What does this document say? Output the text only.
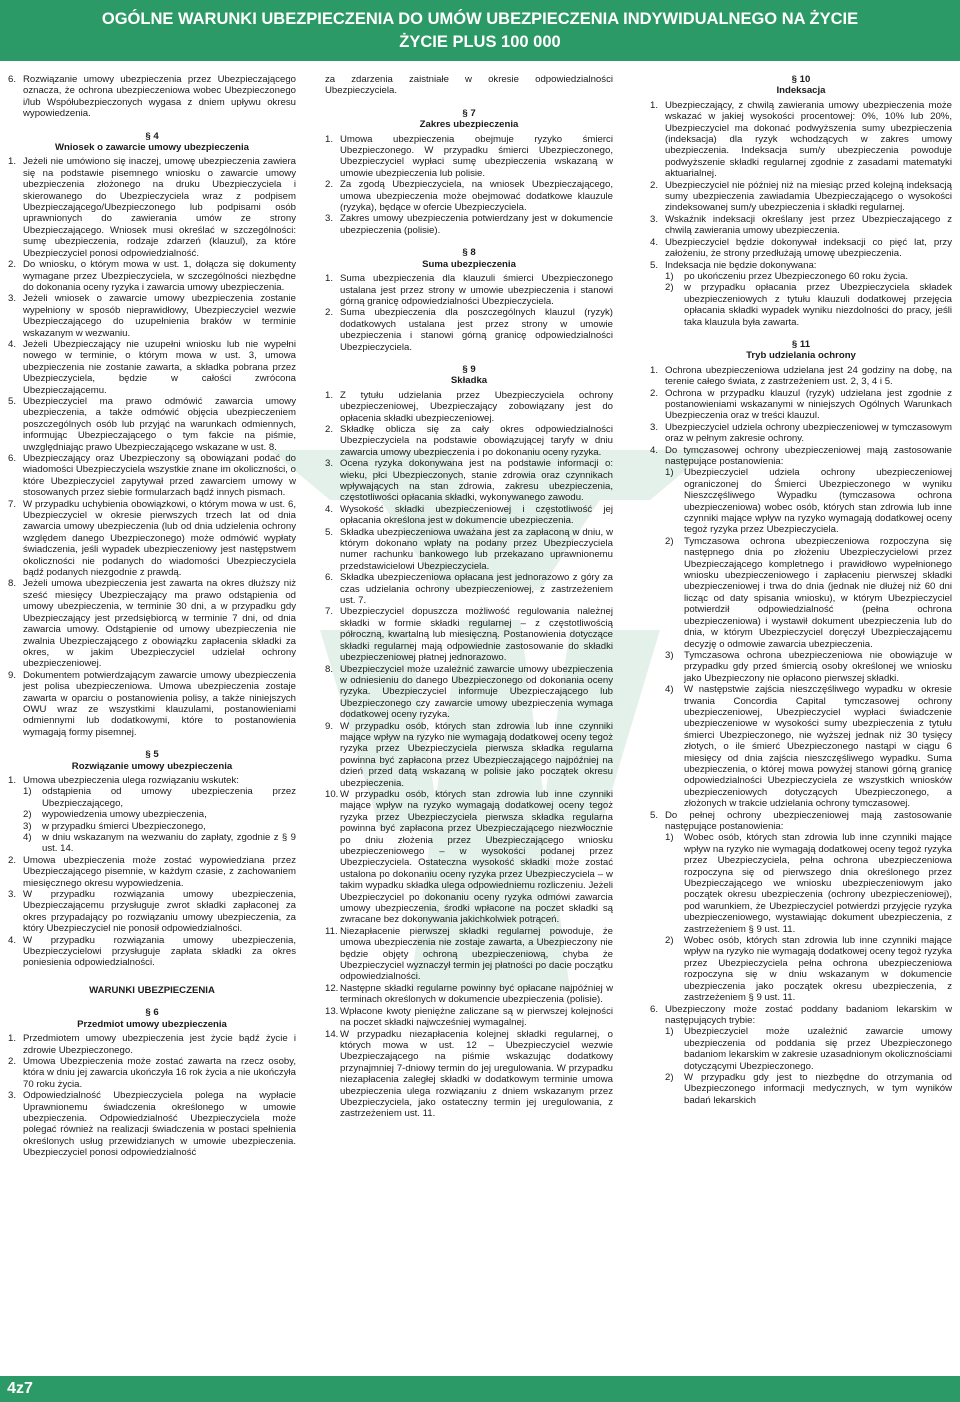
OGÓLNE WARUNKI UBEZPIECZENIA DO UMÓW UBEZPIECZENIA INDYWIDUALNEGO NA ŻYCIE
ŻYCIE PLUS 100 000
6. Rozwiązanie umowy ubezpieczenia przez Ubezpieczającego oznacza, że ochrona ubezpieczeniowa wobec Ubezpieczonego i/lub Współubezpieczonych wygasa z dniem upływu okresu wypowiedzenia.
§ 4
Wniosek o zawarcie umowy ubezpieczenia
1. Jeżeli nie umówiono się inaczej, umowę ubezpieczenia zawiera się na podstawie pisemnego wniosku o zawarcie umowy ubezpieczenia złożonego na druku Ubezpieczyciela i skierowanego do Ubezpieczyciela wraz z podpisem Ubezpieczającego/Ubezpieczonego lub podpisami osób uprawnionych do zawierania umów ze strony Ubezpieczającego. Wniosek musi określać w szczególności: sumę ubezpieczenia, rodzaje zdarzeń (klauzul), za które Ubezpieczyciel ponosi odpowiedzialność.
2. Do wniosku, o którym mowa w ust. 1, dołącza się dokumenty wymagane przez Ubezpieczyciela, w szczególności niezbędne do dokonania oceny ryzyka i zawarcia umowy ubezpieczenia.
3. Jeżeli wniosek o zawarcie umowy ubezpieczenia zostanie wypełniony w sposób nieprawidłowy, Ubezpieczyciel wezwie Ubezpieczającego do uzupełnienia braków w terminie wskazanym w wezwaniu.
4. Jeżeli Ubezpieczający nie uzupełni wniosku lub nie wypełni nowego w terminie, o którym mowa w ust. 3, umowa ubezpieczenia nie zostanie zawarta, a składka pobrana przez Ubezpieczyciela, będzie w całości zwrócona Ubezpieczającemu.
5. Ubezpieczyciel ma prawo odmówić zawarcia umowy ubezpieczenia, a także odmówić objęcia ubezpieczeniem poszczególnych osób lub przyjąć na warunkach odmiennych, informując Ubezpieczającego o tym fakcie na piśmie, uwzględniając prawo Ubezpieczającego wskazane w ust. 8.
6. Ubezpieczający oraz Ubezpieczony są obowiązani podać do wiadomości Ubezpieczyciela wszystkie znane im okoliczności, o które Ubezpieczyciel zapytywał przed zawarciem umowy w stosowanych przez siebie formularzach bądź innych pismach.
7. W przypadku uchybienia obowiązkowi, o którym mowa w ust. 6, Ubezpieczyciel w okresie pierwszych trzech lat od dnia zawarcia umowy ubezpieczenia (lub od dnia udzielenia ochrony względem danego Ubezpieczonego) może odmówić wypłaty świadczenia, jeśli wypadek ubezpieczeniowy jest następstwem okoliczności nie podanych do wiadomości Ubezpieczyciela bądź podanych niezgodnie z prawdą.
8. Jeżeli umowa ubezpieczenia jest zawarta na okres dłuższy niż sześć miesięcy Ubezpieczający ma prawo odstąpienia od umowy ubezpieczenia, w terminie 30 dni, a w przypadku gdy Ubezpieczający jest przedsiębiorcą w terminie 7 dni, od dnia zawarcia umowy. Odstąpienie od umowy ubezpieczenia nie zwalnia Ubezpieczającego z obowiązku zapłacenia składki za okres, w jakim Ubezpieczyciel udzielał ochrony ubezpieczeniowej.
9. Dokumentem potwierdzającym zawarcie umowy ubezpieczenia jest polisa ubezpieczeniowa. Umowa ubezpieczenia zostaje zawarta w oparciu o postanowienia polisy, a także niniejszych OWU wraz ze wszystkimi klauzulami, postanowieniami odmiennymi lub dodatkowymi, które to postanowienia wymagają formy pisemnej.
§ 5
Rozwiązanie umowy ubezpieczenia
1. Umowa ubezpieczenia ulega rozwiązaniu wskutek:
1) odstąpienia od umowy ubezpieczenia przez Ubezpieczającego,
2) wypowiedzenia umowy ubezpieczenia,
3) w przypadku śmierci Ubezpieczonego,
4) w dniu wskazanym na wezwaniu do zapłaty, zgodnie z § 9 ust. 14.
2. Umowa ubezpieczenia może zostać wypowiedziana przez Ubezpieczającego pisemnie, w każdym czasie, z zachowaniem miesięcznego okresu wypowiedzenia.
3. W przypadku rozwiązania umowy ubezpieczenia, Ubezpieczającemu przysługuje zwrot składki zapłaconej za okres przypadający po rozwiązaniu umowy ubezpieczenia, za który Ubezpieczyciel nie ponosił odpowiedzialności.
4. W przypadku rozwiązania umowy ubezpieczenia, Ubezpieczycielowi przysługuje zapłata składki za okres poniesienia odpowiedzialności.
WARUNKI UBEZPIECZENIA
§ 6
Przedmiot umowy ubezpieczenia
1. Przedmiotem umowy ubezpieczenia jest życie bądź życie i zdrowie Ubezpieczonego.
2. Umowa Ubezpieczenia może zostać zawarta na rzecz osoby, która w dniu jej zawarcia ukończyła 16 rok życia a nie ukończyła 70 roku życia.
3. Odpowiedzialność Ubezpieczyciela polega na wypłacie Uprawnionemu świadczenia określonego w umowie ubezpieczenia. Odpowiedzialność Ubezpieczyciela może polegać również na realizacji świadczenia w postaci spełnienia określonych usług przewidzianych w umowie ubezpieczenia. Ubezpieczyciel ponosi odpowiedzialność
za zdarzenia zaistniałe w okresie odpowiedzialności Ubezpieczyciela.
§ 7
Zakres ubezpieczenia
1. Umowa ubezpieczenia obejmuje ryzyko śmierci Ubezpieczonego. W przypadku śmierci Ubezpieczonego, Ubezpieczyciel wypłaci sumę ubezpieczenia wskazaną w umowie ubezpieczenia lub polisie.
2. Za zgodą Ubezpieczyciela, na wniosek Ubezpieczającego, umowa ubezpieczenia może obejmować dodatkowe klauzule (ryzyka), będące w ofercie Ubezpieczyciela.
3. Zakres umowy ubezpieczenia potwierdzany jest w dokumencie ubezpieczenia (polisie).
§ 8
Suma ubezpieczenia
1. Suma ubezpieczenia dla klauzuli śmierci Ubezpieczonego ustalana jest przez strony w umowie ubezpieczenia i stanowi górną granicę odpowiedzialności Ubezpieczyciela.
2. Suma ubezpieczenia dla poszczególnych klauzul (ryzyk) dodatkowych ustalana jest przez strony w umowie ubezpieczenia i stanowi górną granicę odpowiedzialności Ubezpieczyciela.
§ 9
Składka
1. Z tytułu udzielania przez Ubezpieczyciela ochrony ubezpieczeniowej, Ubezpieczający zobowiązany jest do opłacenia składki ubezpieczeniowej.
2. Składkę oblicza się za cały okres odpowiedzialności Ubezpieczyciela na podstawie obowiązującej taryfy w dniu zawarcia umowy ubezpieczenia i po dokonaniu oceny ryzyka.
3. Ocena ryzyka dokonywana jest na podstawie informacji o: wieku, płci Ubezpieczonych, stanie zdrowia oraz czynnikach wpływających na stan zdrowia, zakresu ubezpieczenia, częstotliwości opłacania składki, wykonywanego zawodu.
4. Wysokość składki ubezpieczeniowej i częstotliwość jej opłacania określona jest w dokumencie ubezpieczenia.
5. Składka ubezpieczeniowa uważana jest za zapłaconą w dniu, w którym dokonano wpłaty na podany przez Ubezpieczyciela numer rachunku bankowego lub przekazano uprawnionemu przedstawicielowi Ubezpieczyciela.
6. Składka ubezpieczeniowa opłacana jest jednorazowo z góry za czas udzielania ochrony ubezpieczeniowej, z zastrzeżeniem ust. 7.
7. Ubezpieczyciel dopuszcza możliwość regulowania należnej składki w formie składki regularnej – z częstotliwością półroczną, kwartalną lub miesięczną. Postanowienia dotyczące składki regularnej mają odpowiednie zastosowanie do składki ubezpieczeniowej płatnej jednorazowo.
8. Ubezpieczyciel może uzależnić zawarcie umowy ubezpieczenia w odniesieniu do danego Ubezpieczonego od dokonania oceny ryzyka. Ubezpieczyciel informuje Ubezpieczającego lub Ubezpieczonego czy zawarcie umowy ubezpieczenia wymaga dodatkowej oceny ryzyka.
9. W przypadku osób, których stan zdrowia lub inne czynniki mające wpływ na ryzyko nie wymagają dodatkowej oceny tegoż ryzyka przez Ubezpieczyciela pierwsza składka regularna powinna być zapłacona przez Ubezpieczającego najpóźniej na dzień przed datą wskazaną w polisie jako początek okresu ubezpieczenia.
10. W przypadku osób, których stan zdrowia lub inne czynniki mające wpływ na ryzyko wymagają dodatkowej oceny tegoż ryzyka przez Ubezpieczyciela pierwsza składka regularna powinna być zapłacona przez Ubezpieczającego niezwłocznie po dniu złożenia przez Ubezpieczającego wniosku ubezpieczeniowego – w wysokości podanej przez Ubezpieczyciela. Ostateczna wysokość składki może zostać ustalona po dokonaniu oceny ryzyka przez Ubezpieczyciela – w takim wypadku składka ulega odpowiedniemu rozliczeniu. Jeżeli Ubezpieczyciel po dokonaniu oceny ryzyka odmówi zawarcia umowy ubezpieczenia, środki wpłacone na poczet składki są zwracane bez dokonywania jakichkolwiek potrąceń.
11. Niezapłacenie pierwszej składki regularnej powoduje, że umowa ubezpieczenia nie zostaje zawarta, a Ubezpieczony nie będzie objęty ochroną ubezpieczeniową, chyba że Ubezpieczyciel wyznaczył termin jej płatności po dacie początku odpowiedzialności.
12. Następne składki regularne powinny być opłacane najpóźniej w terminach określonych w dokumencie ubezpieczenia (polisie).
13. Wpłacone kwoty pieniężne zaliczane są w pierwszej kolejności na poczet składki najwcześniej wymagalnej.
14. W przypadku niezapłacenia kolejnej składki regularnej, o których mowa w ust. 12 – Ubezpieczyciel wezwie Ubezpieczającego na piśmie wskazując dodatkowy przynajmniej 7-dniowy termin do jej uregulowania. W przypadku niezapłacenia zaległej składki w dodatkowym terminie umowa ubezpieczenia ulega rozwiązaniu z dniem wskazanym przez Ubezpieczyciela, jako ostateczny termin jej uregulowania, z zastrzeżeniem ust. 11.
§ 10
Indeksacja
1. Ubezpieczający, z chwilą zawierania umowy ubezpieczenia może wskazać w jakiej wysokości procentowej: 0%, 10% lub 20%, Ubezpieczyciel ma dokonać podwyższenia sumy ubezpieczenia (indeksacja) dla ryzyk wchodzących w zakres umowy ubezpieczenia. Indeksacja sum/y ubezpieczenia powoduje podwyższenie składki regularnej zgodnie z zasadami matematyki aktuarialnej.
2. Ubezpieczyciel nie później niż na miesiąc przed kolejną indeksacją sumy ubezpieczenia zawiadamia Ubezpieczającego o wysokości zindeksowanej sum/y ubezpieczenia i składki regularnej.
3. Wskaźnik indeksacji określany jest przez Ubezpieczającego z chwilą zawierania umowy ubezpieczenia.
4. Ubezpieczyciel będzie dokonywał indeksacji co pięć lat, przy założeniu, że strony przedłużają umowę ubezpieczenia.
5. Indeksacja nie będzie dokonywana:
1) po ukończeniu przez Ubezpieczonego 60 roku życia.
2) w przypadku opłacania przez Ubezpieczyciela składek ubezpieczeniowych z tytułu klauzuli dodatkowej przejęcia opłacania składki wypadek wyniku niezdolności do pracy, jeśli taka klauzula była zawarta.
§ 11
Tryb udzielania ochrony
1. Ochrona ubezpieczeniowa udzielana jest 24 godziny na dobę, na terenie całego świata, z zastrzeżeniem ust. 2, 3, 4 i 5.
2. Ochrona w przypadku klauzul (ryzyk) udzielana jest zgodnie z postanowieniami wskazanymi w niniejszych Ogólnych Warunkach Ubezpieczenia oraz w treści klauzul.
3. Ubezpieczyciel udziela ochrony ubezpieczeniowej w tymczasowym oraz w pełnym zakresie ochrony.
4. Do tymczasowej ochrony ubezpieczeniowej mają zastosowanie następujące postanowienia:
1) Ubezpieczyciel udziela ochrony ubezpieczeniowej ograniczonej do Śmierci Ubezpieczonego w wyniku Nieszczęśliwego Wypadku (tymczasowa ochrona ubezpieczeniowa) wobec osób, których stan zdrowia lub inne czynniki mające wpływ na ryzyko wymagają dodatkowej oceny tegoż ryzyka przez Ubezpieczyciela.
2) Tymczasowa ochrona ubezpieczeniowa rozpoczyna się następnego dnia po złożeniu Ubezpieczycielowi przez Ubezpieczającego kompletnego i prawidłowo wypełnionego wniosku ubezpieczeniowego i zapłaceniu pierwszej składki ubezpieczeniowej i trwa do dnia (jednak nie dłużej niż 60 dni licząc od daty spisania wniosku), w którym Ubezpieczyciel potwierdził odpowiedzialność (pełna ochrona ubezpieczeniowa) i wystawił dokument ubezpieczenia lub do dnia, w którym Ubezpieczyciel doręczył Ubezpieczającemu decyzję o odmowie zawarcia ubezpieczenia.
3) Tymczasowa ochrona ubezpieczeniowa nie obowiązuje w przypadku gdy przed śmiercią osoby określonej we wniosku jako Ubezpieczony nie opłacono pierwszej składki.
4) W następstwie zajścia nieszczęśliwego wypadku w okresie trwania Concordia Capital tymczasowej ochrony ubezpieczeniowej, Ubezpieczyciel wypłaci świadczenie ubezpieczeniowe w wysokości sumy ubezpieczenia z tytułu śmierci Ubezpieczonego, nie wyższej jednak niż 30 tysięcy złotych, o ile śmierć Ubezpieczonego nastąpi w ciągu 6 miesięcy od dnia zajścia nieszczęśliwego wypadku. Suma ubezpieczenia, o której mowa powyżej stanowi górną granicę odpowiedzialności Ubezpieczyciela ze wszystkich wniosków ubezpieczeniowych dotyczących Ubezpieczonego, a złożonych w trakcie udzielania ochrony tymczasowej.
5. Do pełnej ochrony ubezpieczeniowej mają zastosowanie następujące postanowienia:
1) Wobec osób, których stan zdrowia lub inne czynniki mające wpływ na ryzyko nie wymagają dodatkowej oceny tegoż ryzyka przez Ubezpieczyciela, pełna ochrona ubezpieczeniowa rozpoczyna się od pierwszego dnia określonego przez Ubezpieczającego we wniosku ubezpieczeniowym jako początek okresu ubezpieczenia (ochrony ubezpieczeniowej), pod warunkiem, że Ubezpieczyciel potwierdzi przyjęcie ryzyka ubezpieczeniowego, wystawiając dokument ubezpieczenia, z zastrzeżeniem § 9 ust. 11.
2) Wobec osób, których stan zdrowia lub inne czynniki mające wpływ na ryzyko nie wymagają dodatkowej oceny tegoż ryzyka przez Ubezpieczyciela pełna ochrona ubezpieczeniowa rozpoczyna się w dniu wskazanym w dokumencie ubezpieczenia jako początek okresu ubezpieczenia, z zastrzeżeniem § 9 ust. 11.
6. Ubezpieczony może zostać poddany badaniom lekarskim w następujących trybie:
1) Ubezpieczyciel może uzależnić zawarcie umowy ubezpieczenia od poddania się przez Ubezpieczonego badaniom lekarskim w zakresie uzasadnionym okolicznościami dotyczącymi Ubezpieczonego.
2) W przypadku gdy jest to niezbędne do otrzymania od Ubezpieczonego informacji medycznych, w tym wyników badań lekarskich
4z7
